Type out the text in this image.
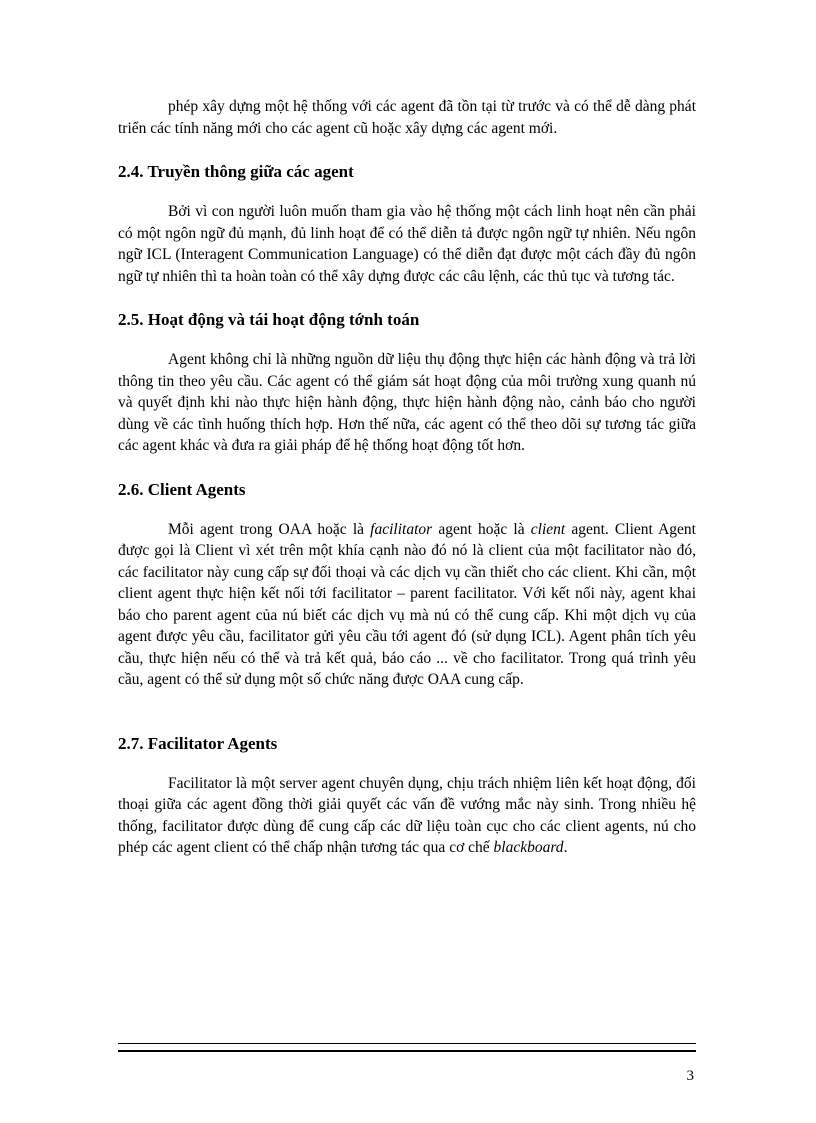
phép xây dựng một hệ thống với các agent đã tồn tại từ trước và có thể dễ dàng phát triển các tính năng mới cho các agent cũ hoặc xây dựng các agent mới.

2.4. Truyền thông giữa các agent

Bởi vì con người luôn muốn tham gia vào hệ thống một cách linh hoạt nên cần phải có một ngôn ngữ đủ mạnh, đủ linh hoạt để có thể diễn tả được ngôn ngữ tự nhiên. Nếu ngôn ngữ ICL (Interagent Communication Language) có thể diễn đạt được một cách đầy đủ ngôn ngữ tự nhiên thì ta hoàn toàn có thể xây dựng được các câu lệnh, các thủ tục và tương tác.

2.5. Hoạt động và tái hoạt động tớnh toán

Agent không chỉ là những nguồn dữ liệu thụ động thực hiện các hành động và trả lời thông tin theo yêu cầu. Các agent có thể giám sát hoạt động của môi trường xung quanh nú và quyết định khi nào thực hiện hành động, thực hiện hành động nào, cảnh báo cho người dùng về các tình huống thích hợp. Hơn thế nữa, các agent có thể theo dõi sự tương tác giữa các agent khác và đưa ra giải pháp để hệ thống hoạt động tốt hơn.

2.6. Client Agents

Mỗi agent trong OAA hoặc là facilitator agent hoặc là client agent. Client Agent được gọi là Client vì xét trên một khía cạnh nào đó nó là client của một facilitator nào đó, các facilitator này cung cấp sự đối thoại và các dịch vụ cần thiết cho các client. Khi cần, một client agent thực hiện kết nối tới facilitator – parent facilitator. Với kết nối này, agent khai báo cho parent agent của nú biết các dịch vụ mà nú có thể cung cấp. Khi một dịch vụ của agent được yêu cầu, facilitator gửi yêu cầu tới agent đó (sử dụng ICL). Agent phân tích yêu cầu, thực hiện nếu có thể và trả kết quả, báo cáo ... về cho facilitator. Trong quá trình yêu cầu, agent có thể sử dụng một số chức năng được OAA cung cấp.

2.7. Facilitator Agents

Facilitator là một server agent chuyên dụng, chịu trách nhiệm liên kết hoạt động, đối thoại giữa các agent đồng thời giải quyết các vấn đề vướng mắc này sinh. Trong nhiều hệ thống, facilitator được dùng để cung cấp các dữ liệu toàn cục cho các client agents, nú cho phép các agent client có thể chấp nhận tương tác qua cơ chế blackboard.

3
